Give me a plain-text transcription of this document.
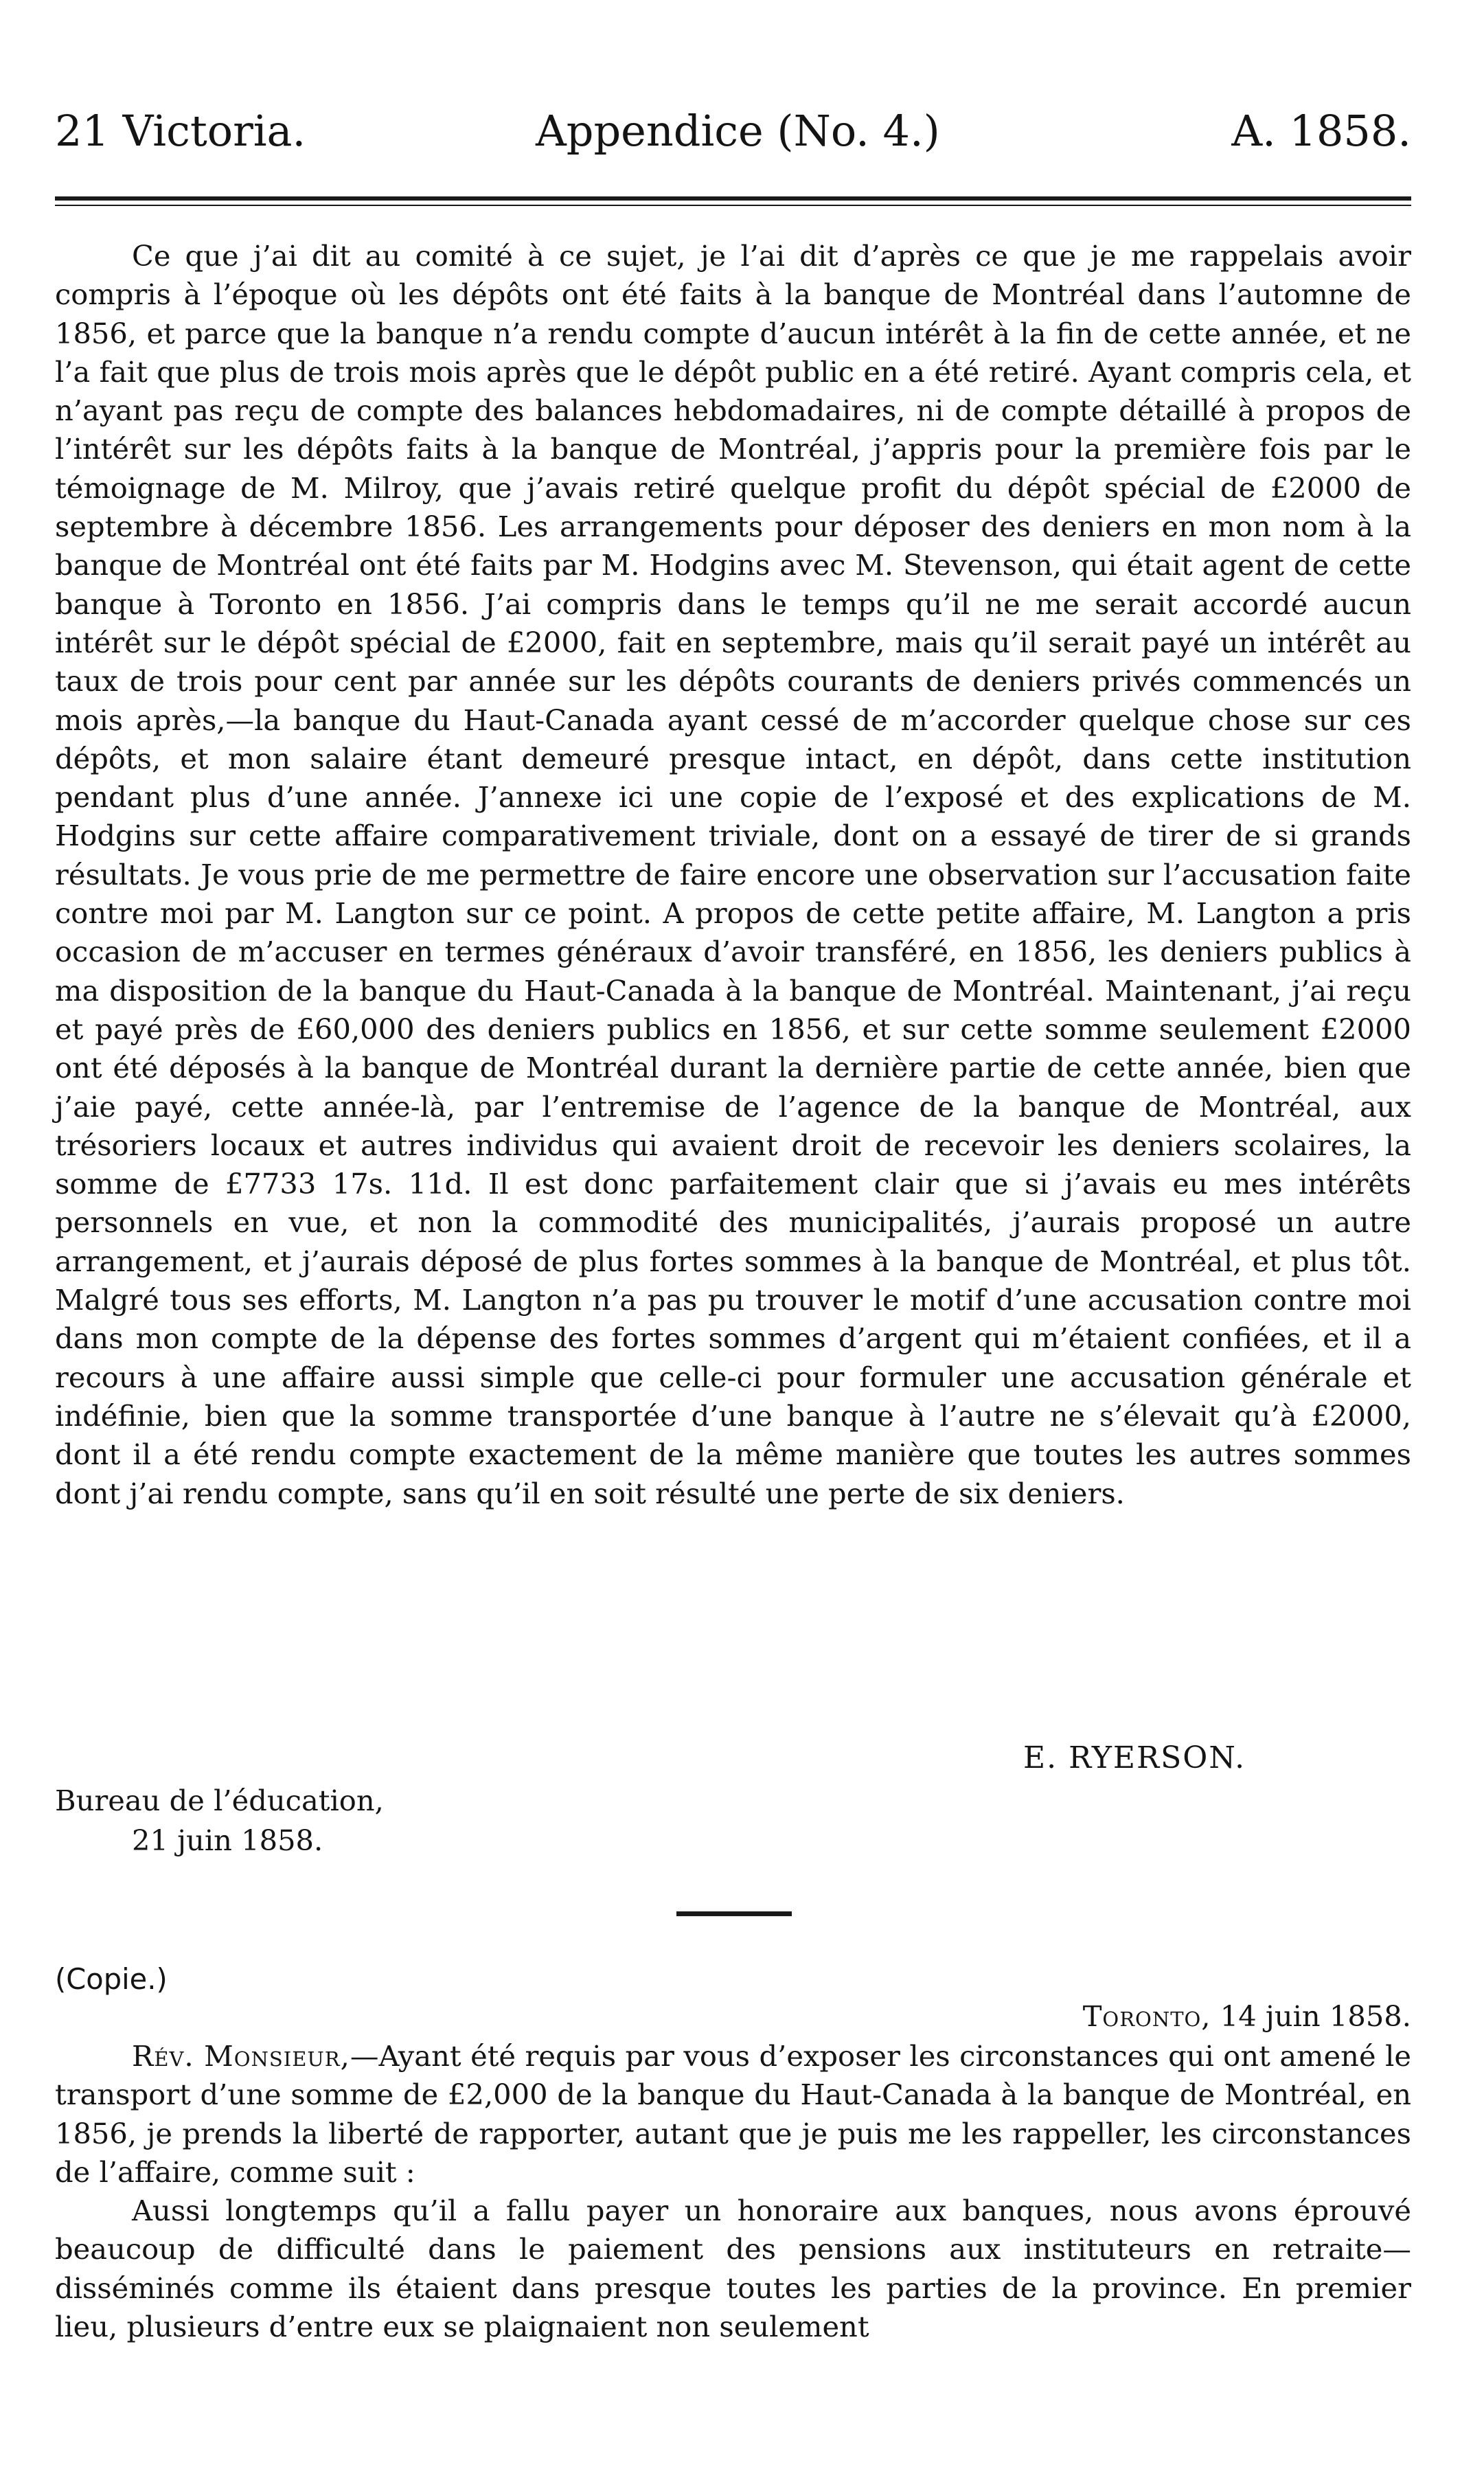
21 Victoria.	Appendice (No. 4.)	A. 1858.

Ce que j’ai dit au comité à ce sujet, je l’ai dit d’après ce que je me rappelais avoir compris à l’époque où les dépôts ont été faits à la banque de Montréal dans l’automne de 1856, et parce que la banque n’a rendu compte d’aucun intérêt à la fin de cette année, et ne l’a fait que plus de trois mois après que le dépôt public en a été retiré. Ayant compris cela, et n’ayant pas reçu de compte des balances hebdomadaires, ni de compte détaillé à propos de l’intérêt sur les dépôts faits à la banque de Montréal, j’appris pour la première fois par le témoignage de M. Milroy, que j’avais retiré quelque profit du dépôt spécial de £2000 de septembre à décembre 1856. Les arrangements pour déposer des deniers en mon nom à la banque de Montréal ont été faits par M. Hodgins avec M. Stevenson, qui était agent de cette banque à Toronto en 1856. J’ai compris dans le temps qu’il ne me serait accordé aucun intérêt sur le dépôt spécial de £2000, fait en septembre, mais qu’il serait payé un intérêt au taux de trois pour cent par année sur les dépôts courants de deniers privés commencés un mois après,—la banque du Haut-Canada ayant cessé de m’accorder quelque chose sur ces dépôts, et mon salaire étant demeuré presque intact, en dépôt, dans cette institution pendant plus d’une année. J’annexe ici une copie de l’exposé et des explications de M. Hodgins sur cette affaire comparativement triviale, dont on a essayé de tirer de si grands résultats. Je vous prie de me permettre de faire encore une observation sur l’accusation faite contre moi par M. Langton sur ce point. A propos de cette petite affaire, M. Langton a pris occasion de m’accuser en termes généraux d’avoir transféré, en 1856, les deniers publics à ma disposition de la banque du Haut-Canada à la banque de Montréal. Maintenant, j’ai reçu et payé près de £60,000 des deniers publics en 1856, et sur cette somme seulement £2000 ont été déposés à la banque de Montréal durant la dernière partie de cette année, bien que j’aie payé, cette année-là, par l’entremise de l’agence de la banque de Montréal, aux trésoriers locaux et autres individus qui avaient droit de recevoir les deniers scolaires, la somme de £7733 17s. 11d. Il est donc parfaitement clair que si j’avais eu mes intérêts personnels en vue, et non la commodité des municipalités, j’aurais proposé un autre arrangement, et j’aurais déposé de plus fortes sommes à la banque de Montréal, et plus tôt. Malgré tous ses efforts, M. Langton n’a pas pu trouver le motif d’une accusation contre moi dans mon compte de la dépense des fortes sommes d’argent qui m’étaient confiées, et il a recours à une affaire aussi simple que celle-ci pour formuler une accusation générale et indéfinie, bien que la somme transportée d’une banque à l’autre ne s’élevait qu’à £2000, dont il a été rendu compte exactement de la même manière que toutes les autres sommes dont j’ai rendu compte, sans qu’il en soit résulté une perte de six deniers.

E. RYERSON.
Bureau de l’éducation,
21 juin 1858.
(Copie.)
Toronto, 14 juin 1858.

Rév. Monsieur,—Ayant été requis par vous d’exposer les circonstances qui ont amené le transport d’une somme de £2,000 de la banque du Haut-Canada à la banque de Montréal, en 1856, je prends la liberté de rapporter, autant que je puis me les rappeller, les circonstances de l’affaire, comme suit :

Aussi longtemps qu’il a fallu payer un honoraire aux banques, nous avons éprouvé beaucoup de difficulté dans le paiement des pensions aux instituteurs en retraite—disséminés comme ils étaient dans presque toutes les parties de la province. En premier lieu, plusieurs d’entre eux se plaignaient non seulement
